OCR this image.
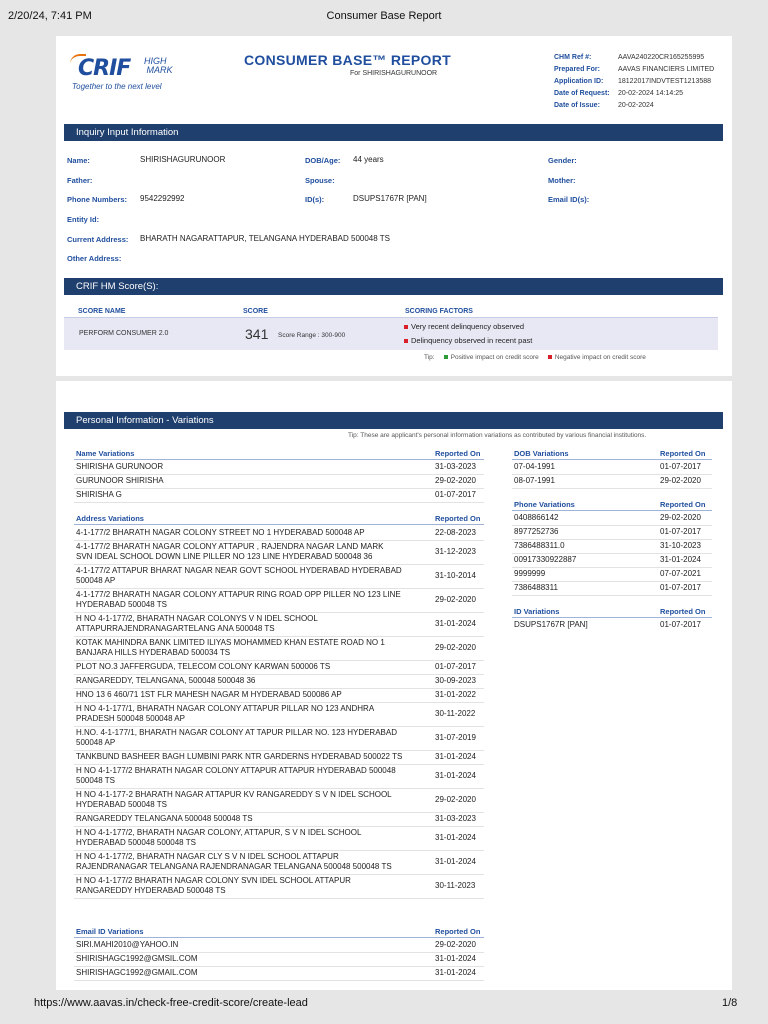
2/20/24, 7:41 PM	Consumer Base Report
CRIF HIGH
MARK
Together to the next level
CONSUMER BASE™ REPORT
For SHIRISHAGURUNOOR
CHM Ref #:	AAVA240220CR165255995
Prepared For:	AAVAS FINANCIERS LIMITED
Application ID:	18122017INDVTEST1213588
Date of Request:	20-02-2024 14:14:25
Date of Issue:	20-02-2024
Inquiry Input Information
Name:	SHIRISHAGURUNOOR	DOB/Age: 44 years	Gender:
Father:	Spouse:	Mother:
Phone Numbers: 9542292992	ID(s):	DSUPS1767R [PAN]	Email ID(s):
Entity Id:
Current Address: BHARATH NAGARATTAPUR, TELANGANA HYDERABAD 500048 TS
Other Address:
CRIF HM Score(S):
SCORE NAME	SCORE	SCORING FACTORS
PERFORM CONSUMER 2.0	341 Score Range : 300-900
Very recent delinquency observed
Delinquency observed in recent past
Tip: Positive impact on credit score Negative impact on credit score
Personal Information - Variations
Tip: These are applicant's personal information variations as contributed by various financial institutions.
Name Variations	Reported On
SHIRISHA GURUNOOR	31-03-2023
GURUNOOR SHIRISHA	29-02-2020
SHIRISHA G	01-07-2017
Address Variations	Reported On
4-1-177/2 BHARATH NAGAR COLONY STREET NO 1 HYDERABAD 500048 AP	22-08-2023
4-1-177/2 BHARATH NAGAR COLONY ATTAPUR , RAJENDRA NAGAR LAND MARK
SVN IDEAL SCHOOL DOWN LINE PILLER NO 123 LINE HYDERABAD 500048 36
31-12-2023
4-1-177/2 ATTAPUR BHARAT NAGAR NEAR GOVT SCHOOL HYDERABAD HYDERABAD
500048 AP
31-10-2014
4-1-177/2 BHARATH NAGAR COLONY ATTAPUR RING ROAD OPP PILLER NO 123 LINE
HYDERABAD 500048 TS
29-02-2020
H NO 4-1-177/2, BHARATH NAGAR COLONYS V N IDEL SCHOOL
ATTAPURRAJENDRANAGARTELANG ANA 500048 TS
31-01-2024
KOTAK MAHINDRA BANK LIMITED ILIYAS MOHAMMED KHAN ESTATE ROAD NO 1
BANJARA HILLS HYDERABAD 500034 TS
29-02-2020
PLOT NO.3 JAFFERGUDA, TELECOM COLONY KARWAN 500006 TS	01-07-2017
RANGAREDDY, TELANGANA, 500048 500048 36	30-09-2023
HNO 13 6 460/71 1ST FLR MAHESH NAGAR M HYDERABAD 500086 AP	31-01-2022
H NO 4-1-177/1, BHARATH NAGAR COLONY ATTAPUR PILLAR NO 123 ANDHRA
PRADESH 500048 500048 AP
30-11-2022
H.NO. 4-1-177/1, BHARATH NAGAR COLONY AT TAPUR PILLAR NO. 123 HYDERABAD
500048 AP
31-07-2019
TANKBUND BASHEER BAGH LUMBINI PARK NTR GARDERNS HYDERABAD 500022 TS	31-01-2024
H NO 4-1-177/2 BHARATH NAGAR COLONY ATTAPUR ATTAPUR HYDERABAD 500048
500048 TS
31-01-2024
H NO 4-1-177-2 BHARATH NAGAR ATTAPUR KV RANGAREDDY S V N IDEL SCHOOL
HYDERABAD 500048 TS
29-02-2020
RANGAREDDY TELANGANA 500048 500048 TS	31-03-2023
H NO 4-1-177/2, BHARATH NAGAR COLONY, ATTAPUR, S V N IDEL SCHOOL
HYDERABAD 500048 500048 TS
31-01-2024
H NO 4-1-177/2, BHARATH NAGAR CLY S V N IDEL SCHOOL ATTAPUR
RAJENDRANAGAR TELANGANA RAJENDRANAGAR TELANGANA 500048 500048 TS
31-01-2024
H NO 4-1-177/2 BHARATH NAGAR COLONY SVN IDEL SCHOOL ATTAPUR
RANGAREDDY HYDERABAD 500048 TS
30-11-2023
Email ID Variations	Reported On
SIRI.MAHI2010@YAHOO.IN	29-02-2020
SHIRISHAGC1992@GMSIL.COM	31-01-2024
SHIRISHAGC1992@GMAIL.COM	31-01-2024
DOB Variations	Reported On
07-04-1991	01-07-2017
08-07-1991	29-02-2020
Phone Variations	Reported On
0408866142	29-02-2020
8977252736	01-07-2017
7386488311.0	31-10-2023
00917330922887	31-01-2024
9999999	07-07-2021
7386488311	01-07-2017
ID Variations	Reported On
DSUPS1767R [PAN]	01-07-2017
https://www.aavas.in/check-free-credit-score/create-lead	1/8
